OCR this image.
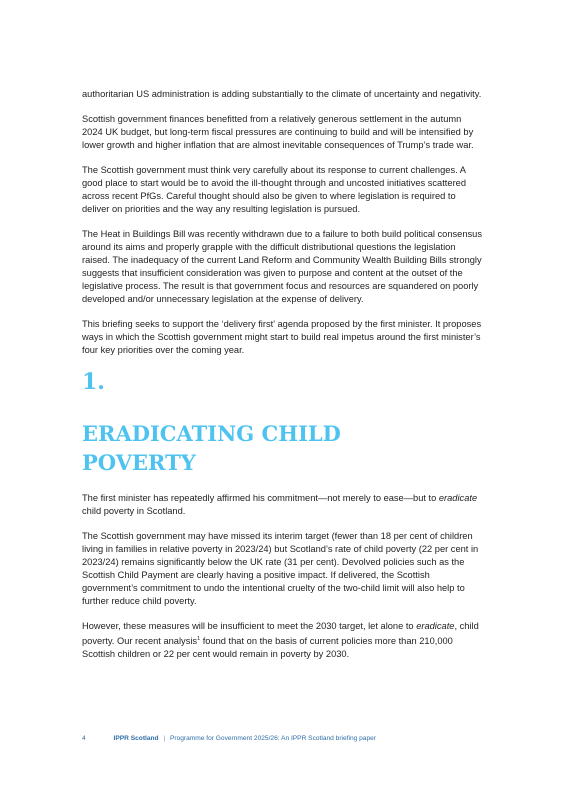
authoritarian US administration is adding substantially to the climate of uncertainty and negativity.

Scottish government finances benefitted from a relatively generous settlement in the autumn 2024 UK budget, but long-term fiscal pressures are continuing to build and will be intensified by lower growth and higher inflation that are almost inevitable consequences of Trump’s trade war.

The Scottish government must think very carefully about its response to current challenges. A good place to start would be to avoid the ill-thought through and uncosted initiatives scattered across recent PfGs. Careful thought should also be given to where legislation is required to deliver on priorities and the way any resulting legislation is pursued.

The Heat in Buildings Bill was recently withdrawn due to a failure to both build political consensus around its aims and properly grapple with the difficult distributional questions the legislation raised. The inadequacy of the current Land Reform and Community Wealth Building Bills strongly suggests that insufficient consideration was given to purpose and content at the outset of the legislative process. The result is that government focus and resources are squandered on poorly developed and/or unnecessary legislation at the expense of delivery.

This briefing seeks to support the ‘delivery first’ agenda proposed by the first minister. It proposes ways in which the Scottish government might start to build real impetus around the first minister’s four key priorities over the coming year.

1.
ERADICATING CHILD
POVERTY

The first minister has repeatedly affirmed his commitment—not merely to ease—but to eradicate child poverty in Scotland.

The Scottish government may have missed its interim target (fewer than 18 per cent of children living in families in relative poverty in 2023/24) but Scotland’s rate of child poverty (22 per cent in 2023/24) remains significantly below the UK rate (31 per cent). Devolved policies such as the Scottish Child Payment are clearly having a positive impact. If delivered, the Scottish government’s commitment to undo the intentional cruelty of the two-child limit will also help to further reduce child poverty.

However, these measures will be insufficient to meet the 2030 target, let alone to eradicate, child poverty. Our recent analysis$^1$ found that on the basis of current policies more than 210,000 Scottish children or 22 per cent would remain in poverty by 2030.

4	IPPR Scotland | Programme for Government 2025/26: An IPPR Scotland briefing paper
